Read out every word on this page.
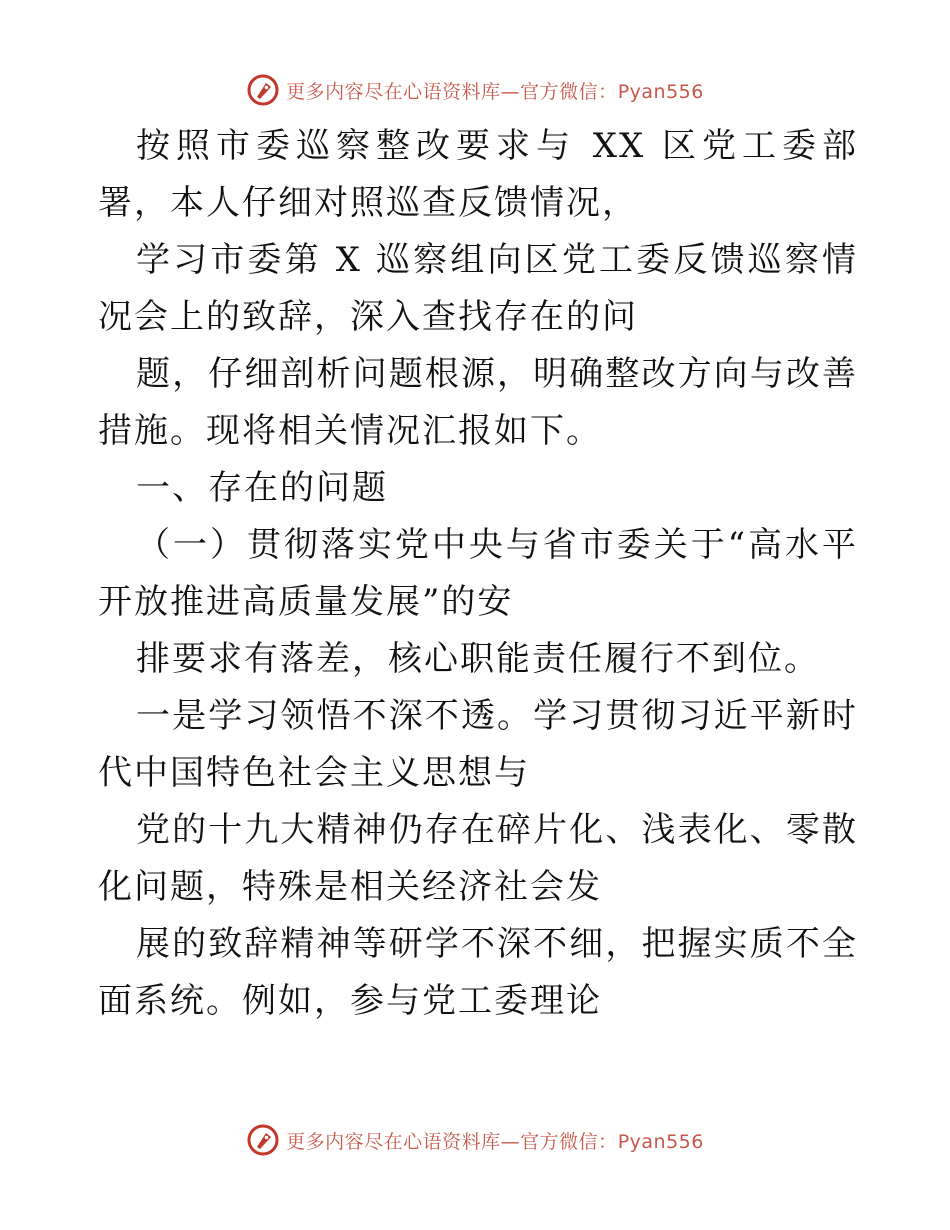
更多内容尽在心语资料库—官方微信：Pyan556

按照市委巡察整改要求与 XX 区党工委部署，本人仔细对照巡查反馈情况，

学习市委第 X 巡察组向区党工委反馈巡察情况会上的致辞，深入查找存在的问

题，仔细剖析问题根源，明确整改方向与改善措施。现将相关情况汇报如下。

一、存在的问题

（一）贯彻落实党中央与省市委关于“高水平开放推进高质量发展”的安

排要求有落差，核心职能责任履行不到位。

一是学习领悟不深不透。学习贯彻习近平新时代中国特色社会主义思想与

党的十九大精神仍存在碎片化、浅表化、零散化问题，特殊是相关经济社会发

展的致辞精神等研学不深不细，把握实质不全面系统。例如，参与党工委理论

更多内容尽在心语资料库—官方微信：Pyan556
